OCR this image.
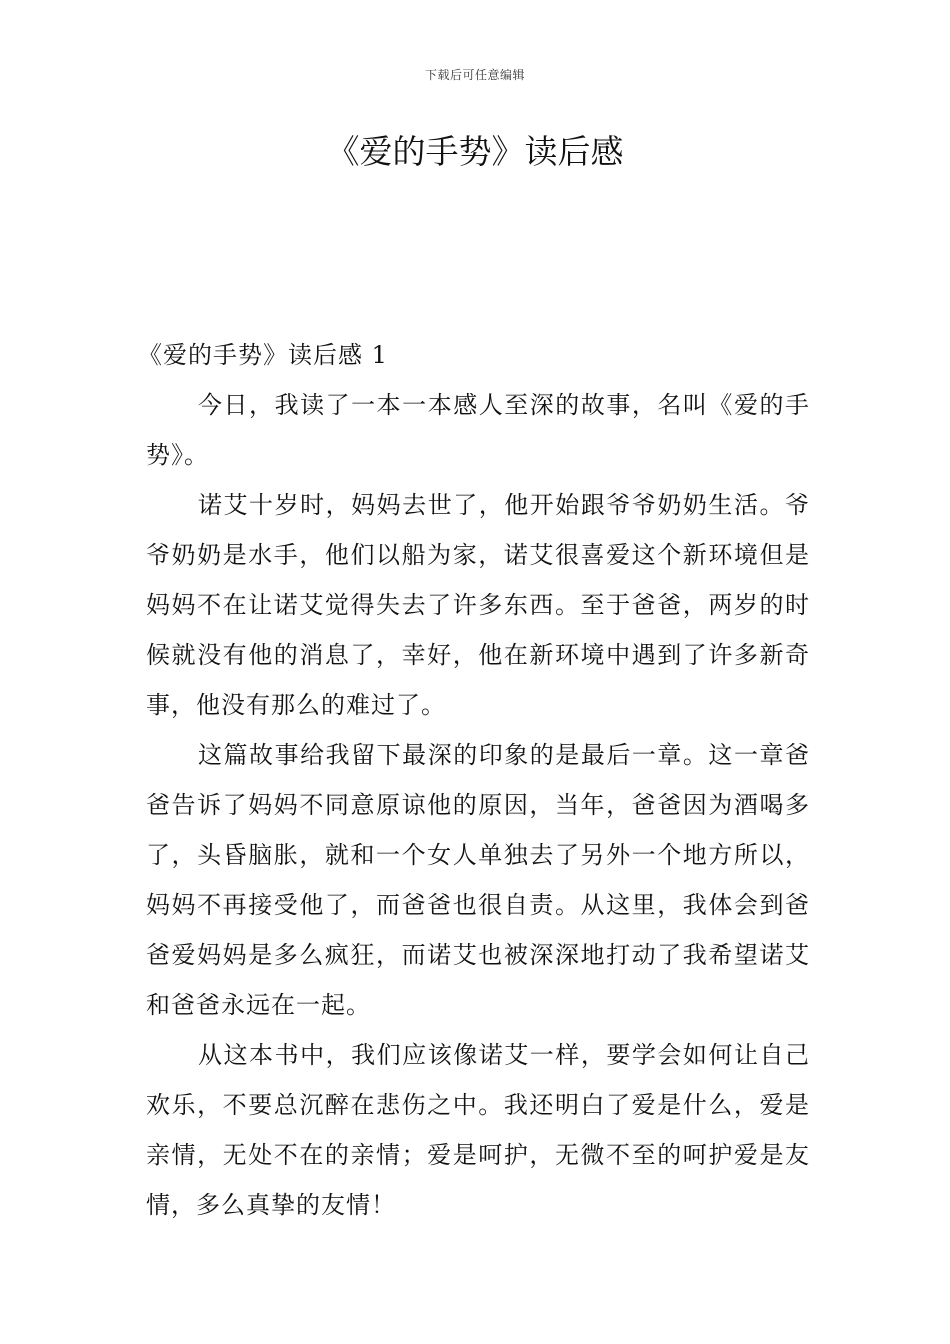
下载后可任意编辑
《爱的手势》读后感

《爱的手势》读后感 1

今日，我读了一本一本感人至深的故事，名叫《爱的手势》。

诺艾十岁时，妈妈去世了，他开始跟爷爷奶奶生活。爷爷奶奶是水手，他们以船为家，诺艾很喜爱这个新环境但是妈妈不在让诺艾觉得失去了许多东西。至于爸爸，两岁的时候就没有他的消息了，幸好，他在新环境中遇到了许多新奇事，他没有那么的难过了。

这篇故事给我留下最深的印象的是最后一章。这一章爸爸告诉了妈妈不同意原谅他的原因，当年，爸爸因为酒喝多了，头昏脑胀，就和一个女人单独去了另外一个地方所以，妈妈不再接受他了，而爸爸也很自责。从这里，我体会到爸爸爱妈妈是多么疯狂，而诺艾也被深深地打动了我希望诺艾和爸爸永远在一起。

从这本书中，我们应该像诺艾一样，要学会如何让自己欢乐，不要总沉醉在悲伤之中。我还明白了爱是什么，爱是亲情，无处不在的亲情；爱是呵护，无微不至的呵护爱是友情，多么真挚的友情！
